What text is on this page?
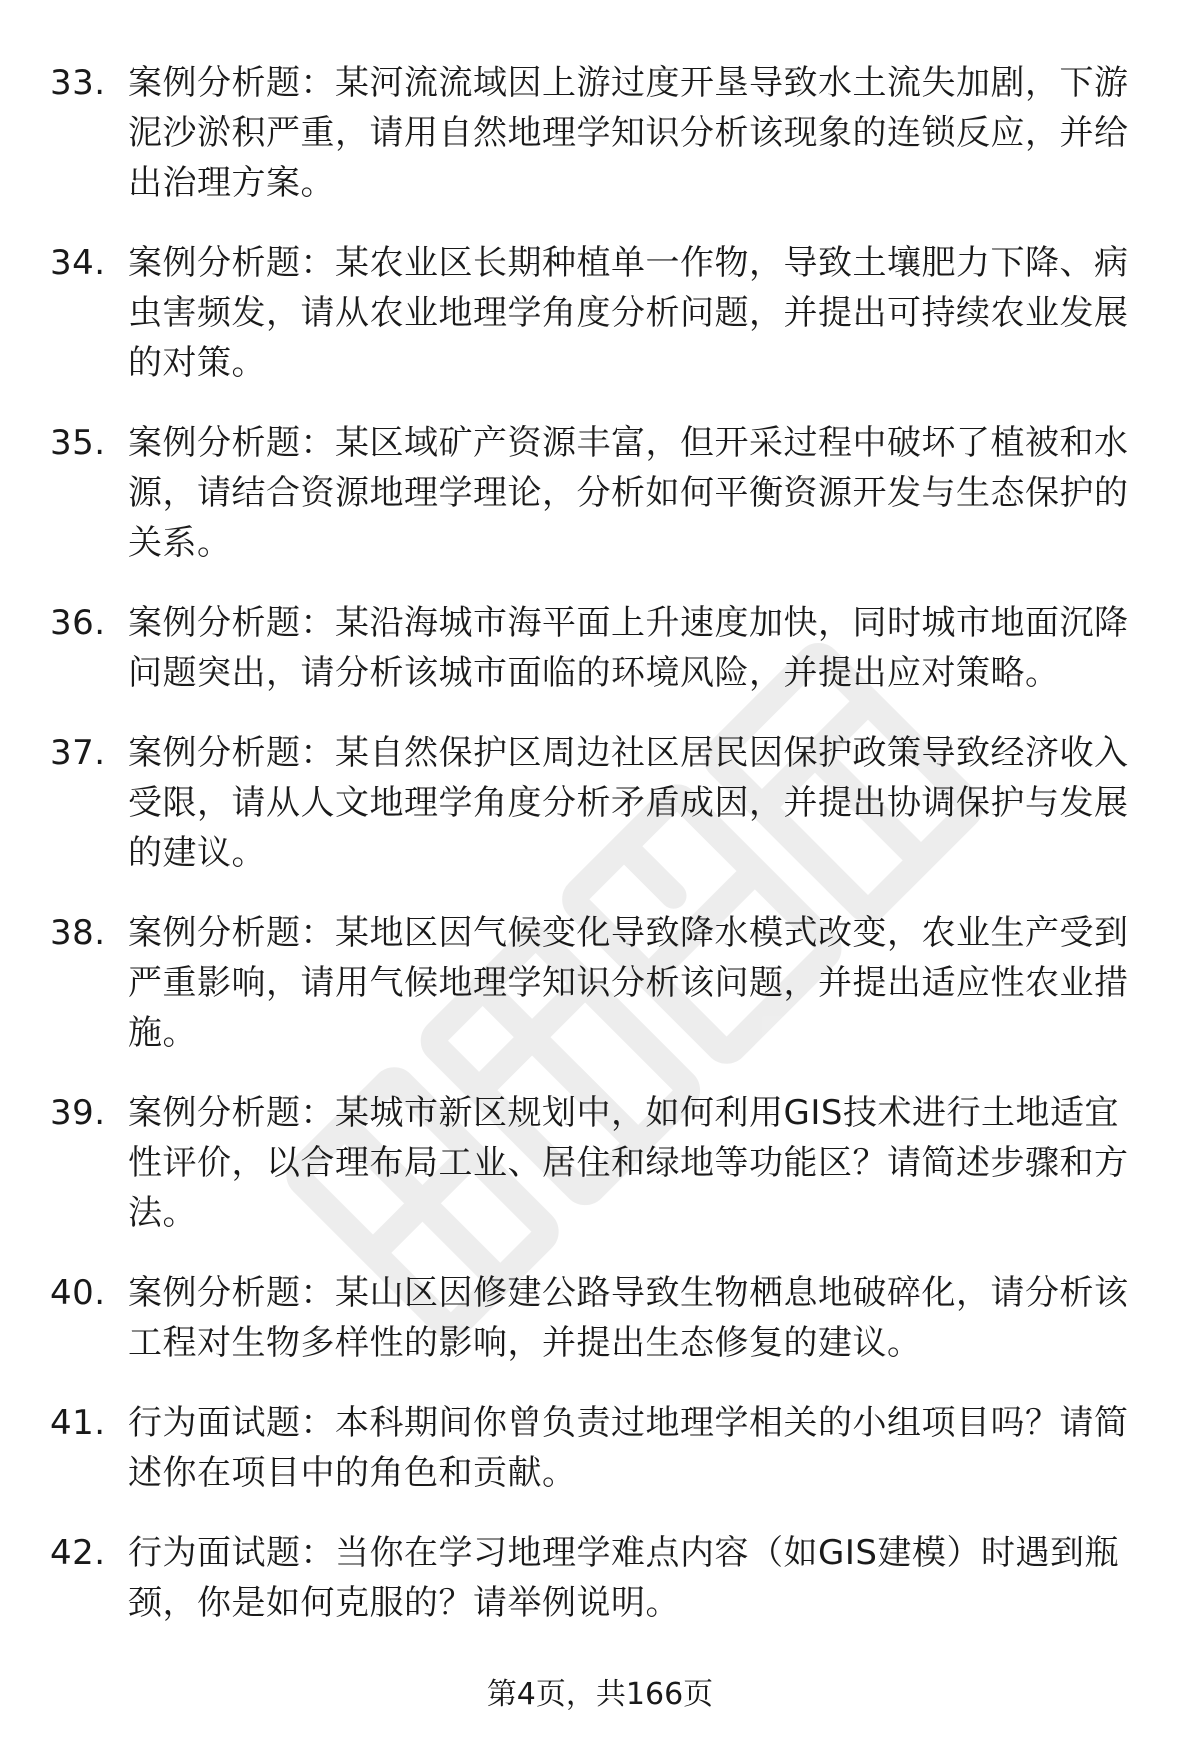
33. 案例分析题：某河流流域因上游过度开垦导致水土流失加剧，下游泥沙淤积严重，请用自然地理学知识分析该现象的连锁反应，并给出治理方案。
34. 案例分析题：某农业区长期种植单一作物，导致土壤肥力下降、病虫害频发，请从农业地理学角度分析问题，并提出可持续农业发展的对策。
35. 案例分析题：某区域矿产资源丰富，但开采过程中破坏了植被和水源，请结合资源地理学理论，分析如何平衡资源开发与生态保护的关系。
36. 案例分析题：某沿海城市海平面上升速度加快，同时城市地面沉降问题突出，请分析该城市面临的环境风险，并提出应对策略。
37. 案例分析题：某自然保护区周边社区居民因保护政策导致经济收入受限，请从人文地理学角度分析矛盾成因，并提出协调保护与发展的建议。
38. 案例分析题：某地区因气候变化导致降水模式改变，农业生产受到严重影响，请用气候地理学知识分析该问题，并提出适应性农业措施。
39. 案例分析题：某城市新区规划中，如何利用GIS技术进行土地适宜性评价，以合理布局工业、居住和绿地等功能区？请简述步骤和方法。
40. 案例分析题：某山区因修建公路导致生物栖息地破碎化，请分析该工程对生物多样性的影响，并提出生态修复的建议。
41. 行为面试题：本科期间你曾负责过地理学相关的小组项目吗？请简述你在项目中的角色和贡献。
42. 行为面试题：当你在学习地理学难点内容（如GIS建模）时遇到瓶颈，你是如何克服的？请举例说明。
第4页，共166页
